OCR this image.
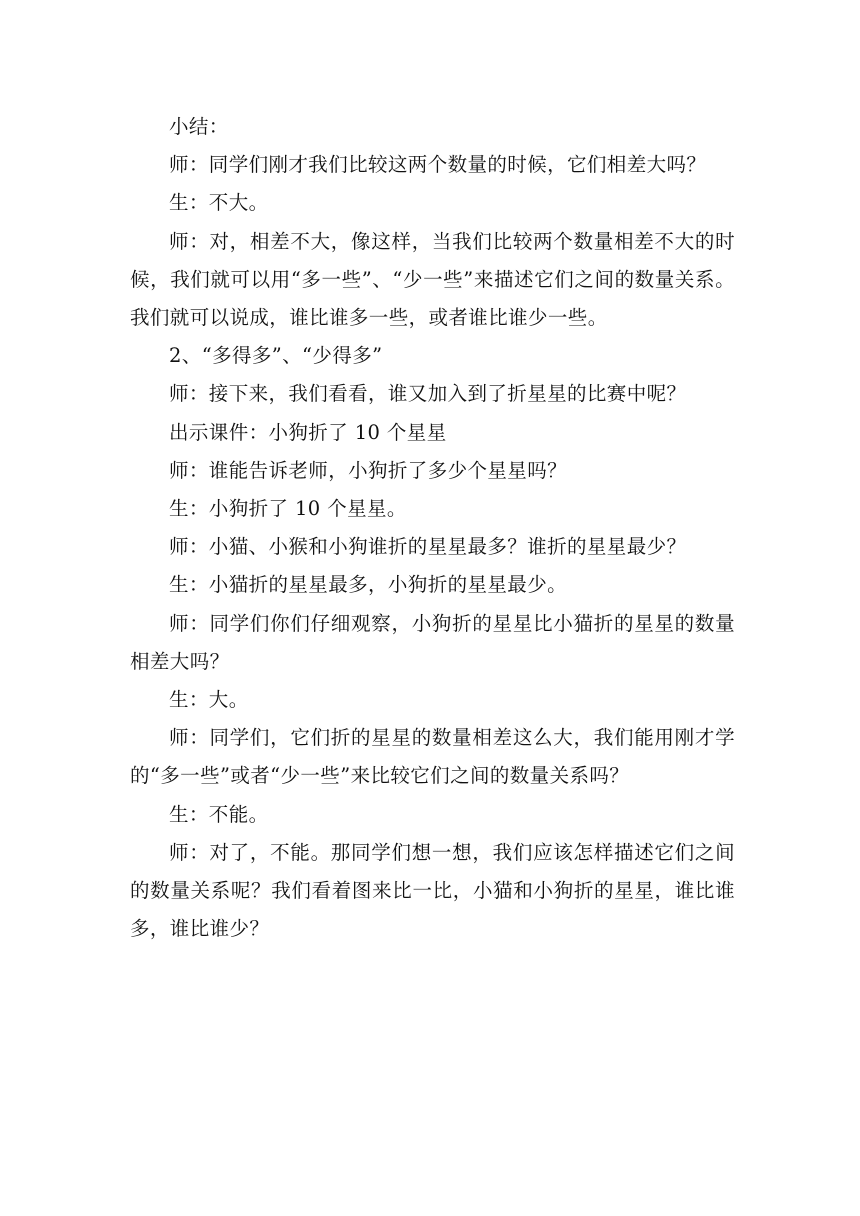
小结：

师：同学们刚才我们比较这两个数量的时候，它们相差大吗？

生：不大。

师：对，相差不大，像这样，当我们比较两个数量相差不大的时候，我们就可以用“多一些”、“少一些”来描述它们之间的数量关系。我们就可以说成，谁比谁多一些，或者谁比谁少一些。

2、“多得多”、“少得多”

师：接下来，我们看看，谁又加入到了折星星的比赛中呢？

出示课件：小狗折了 10 个星星

师：谁能告诉老师，小狗折了多少个星星吗？

生：小狗折了 10 个星星。

师：小猫、小猴和小狗谁折的星星最多？谁折的星星最少？

生：小猫折的星星最多，小狗折的星星最少。

师：同学们你们仔细观察，小狗折的星星比小猫折的星星的数量相差大吗？

生：大。

师：同学们，它们折的星星的数量相差这么大，我们能用刚才学的“多一些”或者“少一些”来比较它们之间的数量关系吗？

生：不能。

师：对了，不能。那同学们想一想，我们应该怎样描述它们之间的数量关系呢？我们看着图来比一比，小猫和小狗折的星星，谁比谁多，谁比谁少？
